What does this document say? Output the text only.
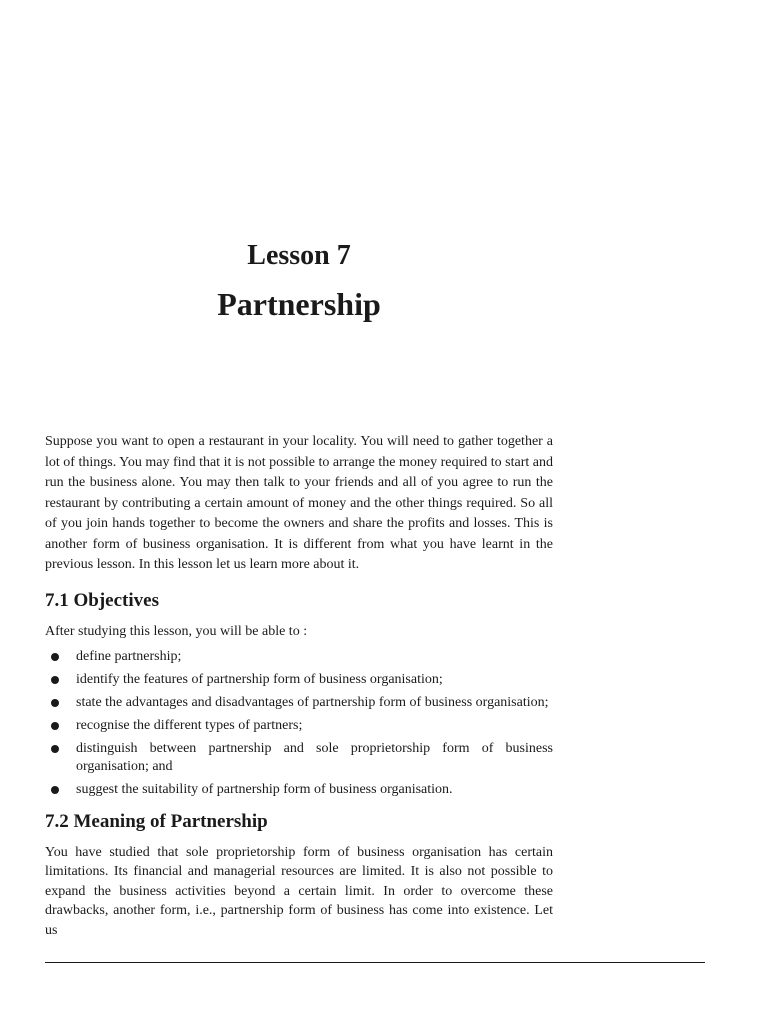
Lesson 7
Partnership

Suppose you want to open a restaurant in your locality. You will need to gather together a lot of things. You may find that it is not possible to arrange the money required to start and run the business alone. You may then talk to your friends and all of you agree to run the restaurant by contributing a certain amount of money and the other things required. So all of you join hands together to become the owners and share the profits and losses. This is another form of business organisation. It is different from what you have learnt in the previous lesson. In this lesson let us learn more about it.

7.1 Objectives

After studying this lesson, you will be able to :

define partnership;
identify the features of partnership form of business organisation;
state the advantages and disadvantages of partnership form of business organisation;
recognise the different types of partners;
distinguish between partnership and sole proprietorship form of business organisation; and
suggest the suitability of partnership form of business organisation.
7.2 Meaning of Partnership

You have studied that sole proprietorship form of business organisation has certain limitations. Its financial and managerial resources are limited. It is also not possible to expand the business activities beyond a certain limit. In order to overcome these drawbacks, another form, i.e., partnership form of business has come into existence. Let us
